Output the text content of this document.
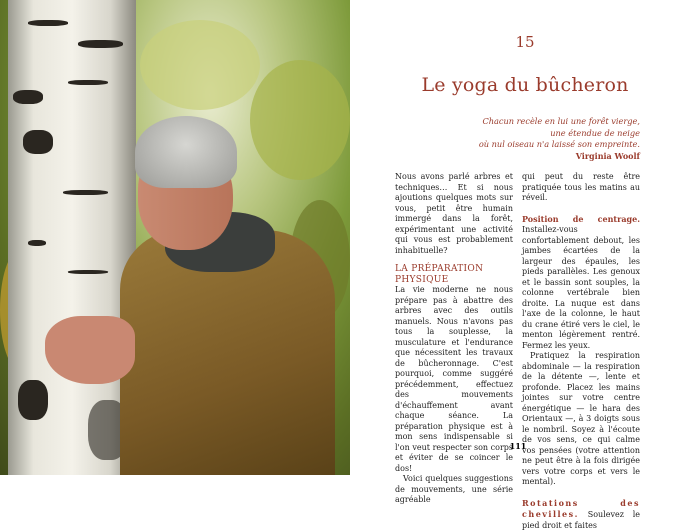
15
Le yoga du bûcheron
Chacun recèle en lui une forêt vierge,
une étendue de neige
où nul oiseau n'a laissé son empreinte.
Virginia Woolf

Nous avons parlé arbres et techniques… Et si nous ajoutions quelques mots sur vous, petit être humain immergé dans la forêt, expérimentant une activité qui vous est probablement inhabituelle?

LA PRÉPARATION PHYSIQUE

La vie moderne ne nous prépare pas à abattre des arbres avec des outils manuels. Nous n'avons pas tous la souplesse, la musculature et l'endurance que nécessitent les travaux de bûcheronnage. C'est pourquoi, comme suggéré précédemment, effectuez des mouvements d'échauffement avant chaque séance. La préparation physique est à mon sens indispensable si l'on veut respecter son corps et éviter de se coincer le dos!

Voici quelques suggestions de mouvements, une série agréable

qui peut du reste être pratiquée tous les matins au réveil.

Position de centrage. Installez-vous confortablement debout, les jambes écartées de la largeur des épaules, les pieds parallèles. Les genoux et le bassin sont souples, la colonne vertébrale bien droite. La nuque est dans l'axe de la colonne, le haut du crane étiré vers le ciel, le menton légèrement rentré. Fermez les yeux.

Pratiquez la respiration abdominale — la respiration de la détente —, lente et profonde. Placez les mains jointes sur votre centre énergétique — le hara des Orientaux —, à 3 doigts sous le nombril. Soyez à l'écoute de vos sens, ce qui calme vos pensées (votre attention ne peut être à la fois dirigée vers votre corps et vers le mental).

Rotations des chevilles. Soulevez le pied droit et faites

111
